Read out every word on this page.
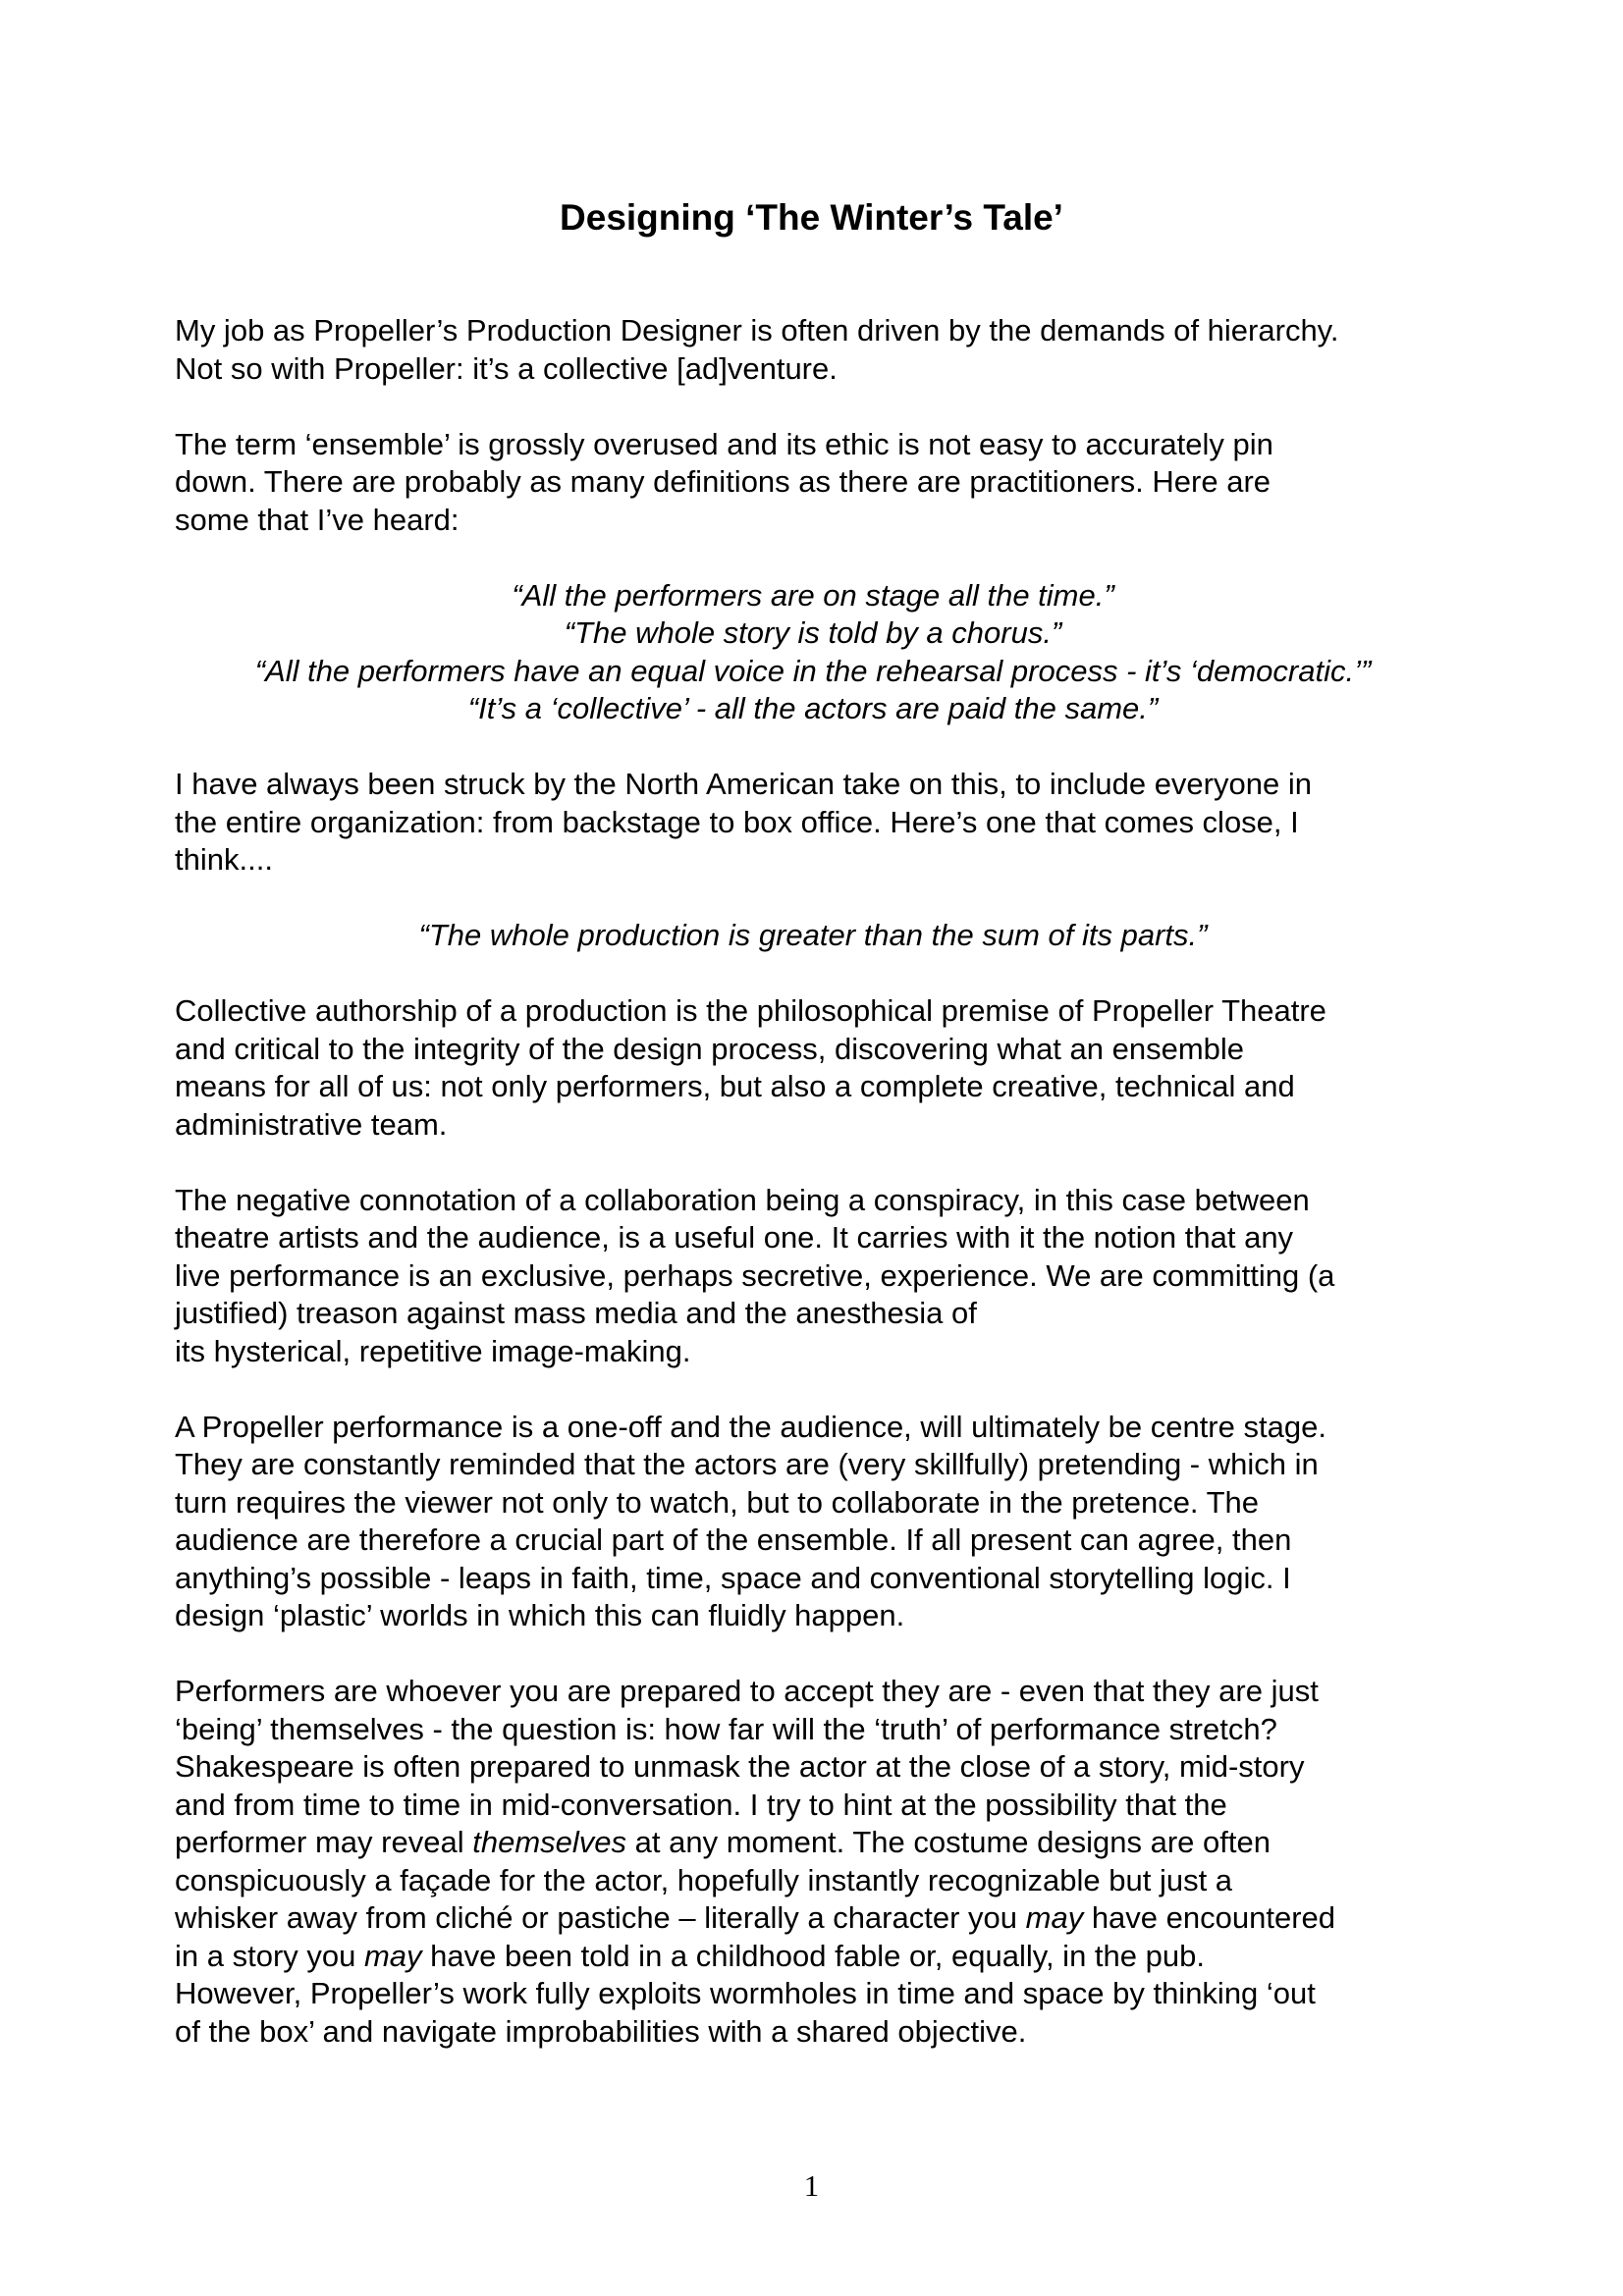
Designing ‘The Winter’s Tale’

My job as Propeller’s Production Designer is often driven by the demands of hierarchy.
Not so with Propeller: it’s a collective [ad]venture.

The term ‘ensemble’ is grossly overused and its ethic is not easy to accurately pin
down. There are probably as many definitions as there are practitioners. Here are
some that I’ve heard:

“All the performers are on stage all the time.”
“The whole story is told by a chorus.”
“All the performers have an equal voice in the rehearsal process - it’s ‘democratic.’”
“It’s a ‘collective’ - all the actors are paid the same.”

I have always been struck by the North American take on this, to include everyone in
the entire organization: from backstage to box office. Here’s one that comes close, I
think....

“The whole production is greater than the sum of its parts.”

Collective authorship of a production is the philosophical premise of Propeller Theatre
and critical to the integrity of the design process, discovering what an ensemble
means for all of us: not only performers, but also a complete creative, technical and
administrative team.

The negative connotation of a collaboration being a conspiracy, in this case between
theatre artists and the audience, is a useful one. It carries with it the notion that any
live performance is an exclusive, perhaps secretive, experience. We are committing (a
justified) treason against mass media and the anesthesia of
its hysterical, repetitive image-making.

A Propeller performance is a one-off and the audience, will ultimately be centre stage.
They are constantly reminded that the actors are (very skillfully) pretending - which in
turn requires the viewer not only to watch, but to collaborate in the pretence. The
audience are therefore a crucial part of the ensemble. If all present can agree, then
anything’s possible - leaps in faith, time, space and conventional storytelling logic. I
design ‘plastic’ worlds in which this can fluidly happen.

Performers are whoever you are prepared to accept they are - even that they are just
‘being’ themselves - the question is: how far will the ‘truth’ of performance stretch?
Shakespeare is often prepared to unmask the actor at the close of a story, mid-story
and from time to time in mid-conversation. I try to hint at the possibility that the
performer may reveal themselves at any moment. The costume designs are often
conspicuously a façade for the actor, hopefully instantly recognizable but just a
whisker away from cliché or pastiche – literally a character you may have encountered
in a story you may have been told in a childhood fable or, equally, in the pub.
However, Propeller’s work fully exploits wormholes in time and space by thinking ‘out
of the box’ and navigate improbabilities with a shared objective.

1
